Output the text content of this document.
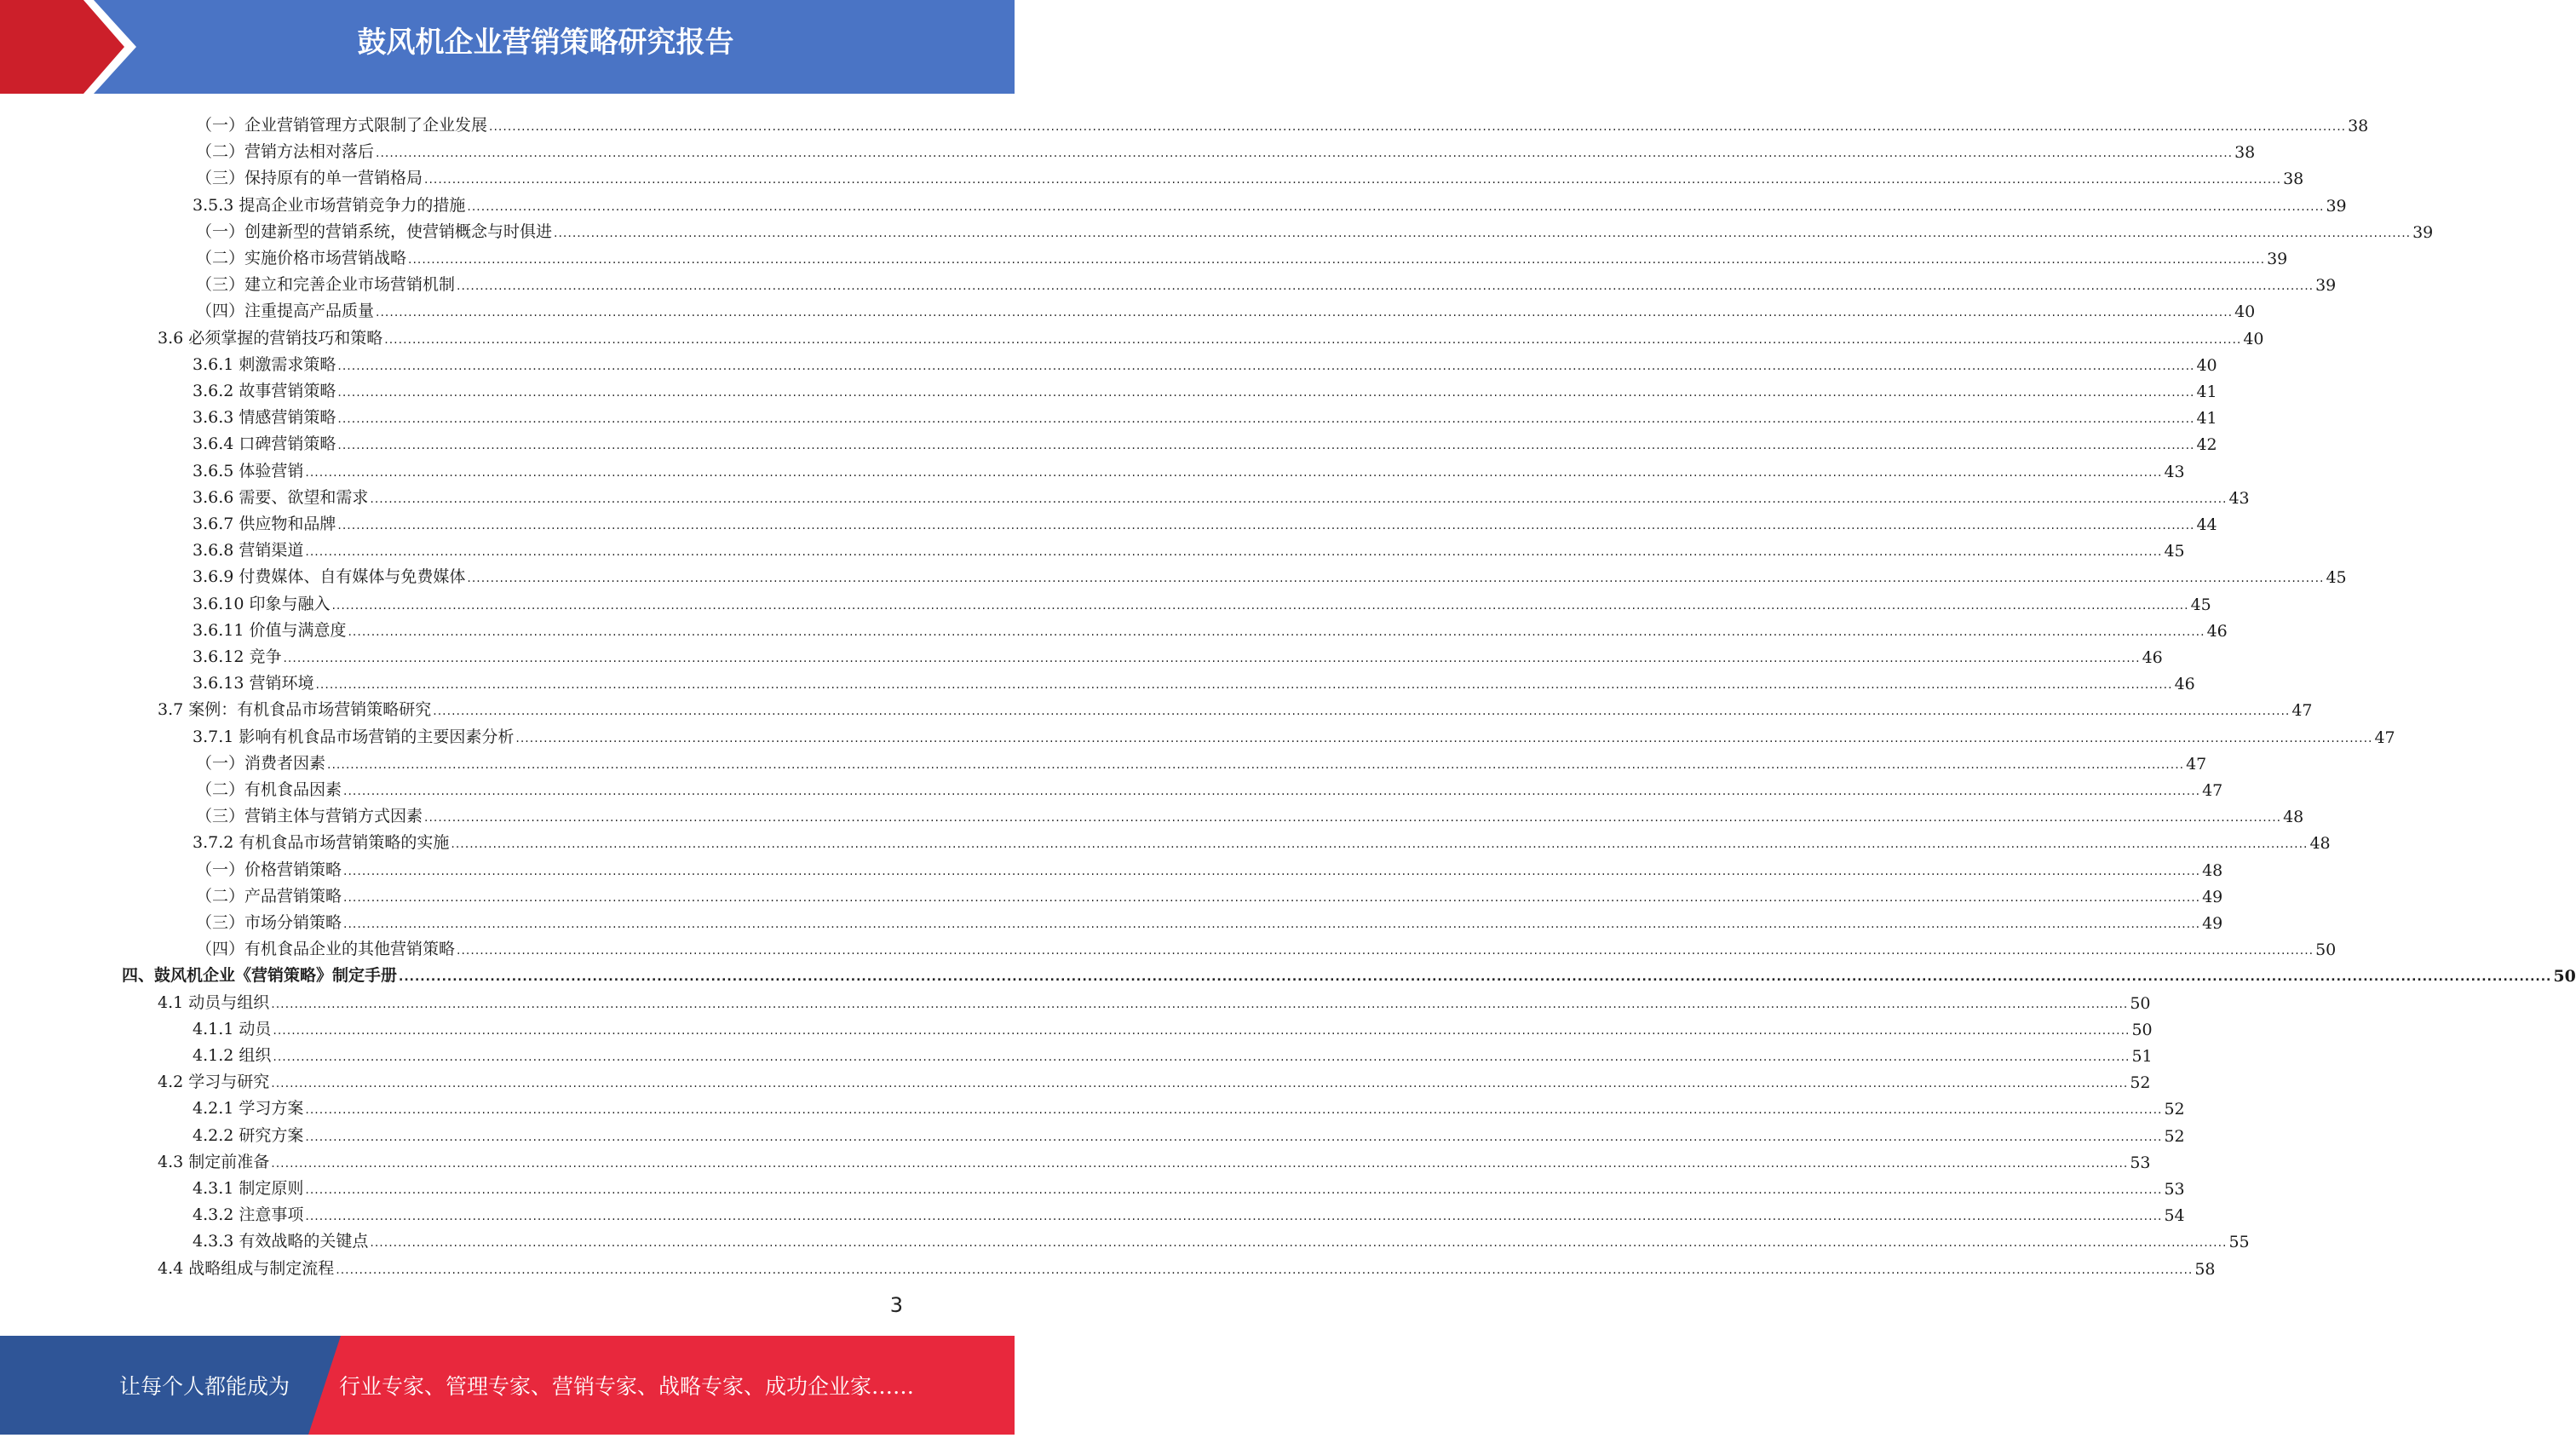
鼓风机企业营销策略研究报告
（一）企业营销管理方式限制了企业发展 ................................................................................................................................................................................................................................................................................................................................................................................................................ 38
（二）营销方法相对落后 ................................................................................................................................................................................................................................................................................................................................................................................................................ 38
（三）保持原有的单一营销格局 ................................................................................................................................................................................................................................................................................................................................................................................................................ 38
3.5.3 提高企业市场营销竞争力的措施 ................................................................................................................................................................................................................................................................................................................................................................................................................ 39
（一）创建新型的营销系统，使营销概念与时俱进 ................................................................................................................................................................................................................................................................................................................................................................................................................ 39
（二）实施价格市场营销战略 ................................................................................................................................................................................................................................................................................................................................................................................................................ 39
（三）建立和完善企业市场营销机制 ................................................................................................................................................................................................................................................................................................................................................................................................................ 39
（四）注重提高产品质量 ................................................................................................................................................................................................................................................................................................................................................................................................................ 40
3.6 必须掌握的营销技巧和策略 ................................................................................................................................................................................................................................................................................................................................................................................................................ 40
3.6.1 刺激需求策略 ................................................................................................................................................................................................................................................................................................................................................................................................................ 40
3.6.2 故事营销策略 ................................................................................................................................................................................................................................................................................................................................................................................................................ 41
3.6.3 情感营销策略 ................................................................................................................................................................................................................................................................................................................................................................................................................ 41
3.6.4 口碑营销策略 ................................................................................................................................................................................................................................................................................................................................................................................................................ 42
3.6.5 体验营销 ................................................................................................................................................................................................................................................................................................................................................................................................................ 43
3.6.6 需要、欲望和需求 ................................................................................................................................................................................................................................................................................................................................................................................................................ 43
3.6.7 供应物和品牌 ................................................................................................................................................................................................................................................................................................................................................................................................................ 44
3.6.8 营销渠道 ................................................................................................................................................................................................................................................................................................................................................................................................................ 45
3.6.9 付费媒体、自有媒体与免费媒体 ................................................................................................................................................................................................................................................................................................................................................................................................................ 45
3.6.10 印象与融入 ................................................................................................................................................................................................................................................................................................................................................................................................................ 45
3.6.11 价值与满意度 ................................................................................................................................................................................................................................................................................................................................................................................................................ 46
3.6.12 竞争 ................................................................................................................................................................................................................................................................................................................................................................................................................ 46
3.6.13 营销环境 ................................................................................................................................................................................................................................................................................................................................................................................................................ 46
3.7 案例：有机食品市场营销策略研究 ................................................................................................................................................................................................................................................................................................................................................................................................................ 47
3.7.1 影响有机食品市场营销的主要因素分析 ................................................................................................................................................................................................................................................................................................................................................................................................................ 47
（一）消费者因素 ................................................................................................................................................................................................................................................................................................................................................................................................................ 47
（二）有机食品因素 ................................................................................................................................................................................................................................................................................................................................................................................................................ 47
（三）营销主体与营销方式因素 ................................................................................................................................................................................................................................................................................................................................................................................................................ 48
3.7.2 有机食品市场营销策略的实施 ................................................................................................................................................................................................................................................................................................................................................................................................................ 48
（一）价格营销策略 ................................................................................................................................................................................................................................................................................................................................................................................................................ 48
（二）产品营销策略 ................................................................................................................................................................................................................................................................................................................................................................................................................ 49
（三）市场分销策略 ................................................................................................................................................................................................................................................................................................................................................................................................................ 49
（四）有机食品企业的其他营销策略 ................................................................................................................................................................................................................................................................................................................................................................................................................ 50
四、鼓风机企业《营销策略》制定手册 ................................................................................................................................................................................................................................................................................................................................................................................................................ 50
4.1 动员与组织 ................................................................................................................................................................................................................................................................................................................................................................................................................ 50
4.1.1 动员 ................................................................................................................................................................................................................................................................................................................................................................................................................ 50
4.1.2 组织 ................................................................................................................................................................................................................................................................................................................................................................................................................ 51
4.2 学习与研究 ................................................................................................................................................................................................................................................................................................................................................................................................................ 52
4.2.1 学习方案 ................................................................................................................................................................................................................................................................................................................................................................................................................ 52
4.2.2 研究方案 ................................................................................................................................................................................................................................................................................................................................................................................................................ 52
4.3 制定前准备 ................................................................................................................................................................................................................................................................................................................................................................................................................ 53
4.3.1 制定原则 ................................................................................................................................................................................................................................................................................................................................................................................................................ 53
4.3.2 注意事项 ................................................................................................................................................................................................................................................................................................................................................................................................................ 54
4.3.3 有效战略的关键点 ................................................................................................................................................................................................................................................................................................................................................................................................................ 55
4.4 战略组成与制定流程 ................................................................................................................................................................................................................................................................................................................................................................................................................ 58
3
让每个人都能成为 行业专家、管理专家、营销专家、战略专家、成功企业家……
